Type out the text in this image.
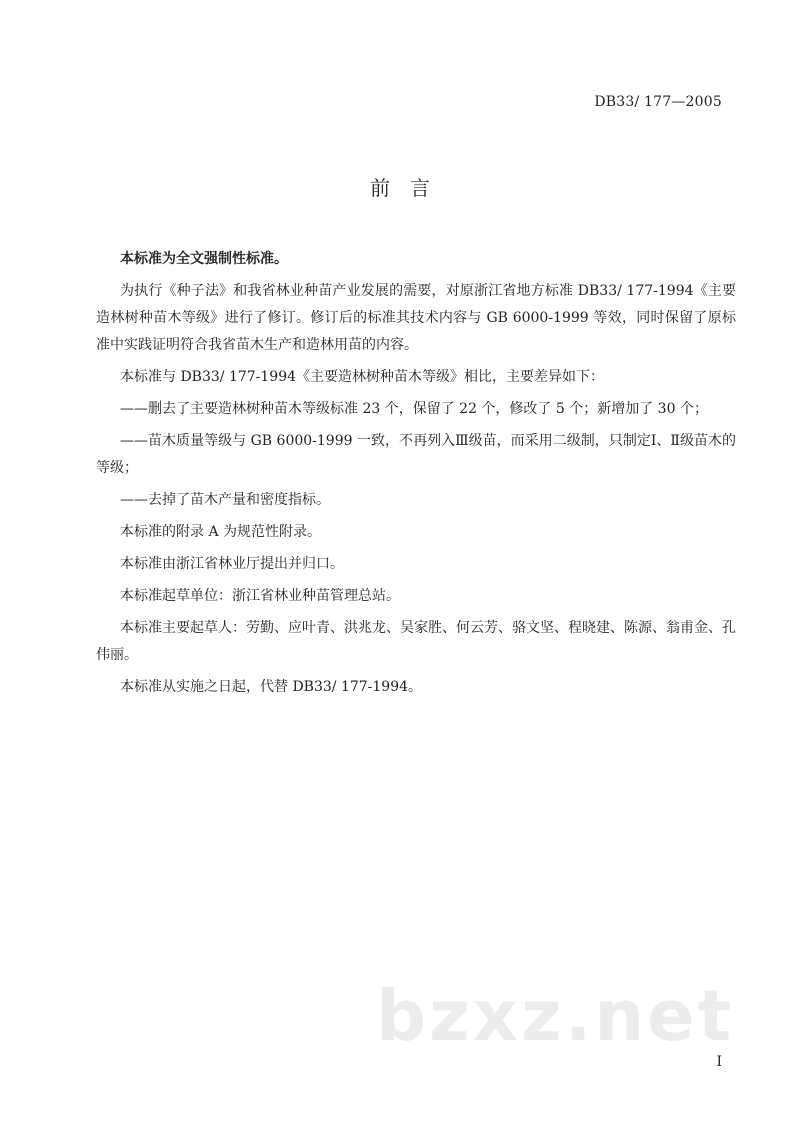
DB33/ 177—2005
前　言

本标准为全文强制性标准。

为执行《种子法》和我省林业种苗产业发展的需要，对原浙江省地方标准 DB33/ 177-1994《主要造林树种苗木等级》进行了修订。修订后的标准其技术内容与 GB 6000-1999 等效，同时保留了原标准中实践证明符合我省苗木生产和造林用苗的内容。

本标准与 DB33/ 177-1994《主要造林树种苗木等级》相比，主要差异如下：

——删去了主要造林树种苗木等级标准 23 个，保留了 22 个，修改了 5 个；新增加了 30 个；

——苗木质量等级与 GB 6000-1999 一致，不再列入Ⅲ级苗，而采用二级制，只制定Ⅰ、Ⅱ级苗木的等级；

——去掉了苗木产量和密度指标。

本标准的附录 A 为规范性附录。

本标准由浙江省林业厅提出并归口。

本标准起草单位：浙江省林业种苗管理总站。

本标准主要起草人：劳勤、应叶青、洪兆龙、吴家胜、何云芳、骆文坚、程晓建、陈源、翁甫金、孔伟丽。

本标准从实施之日起，代替 DB33/ 177-1994。

bzxz.net
I
